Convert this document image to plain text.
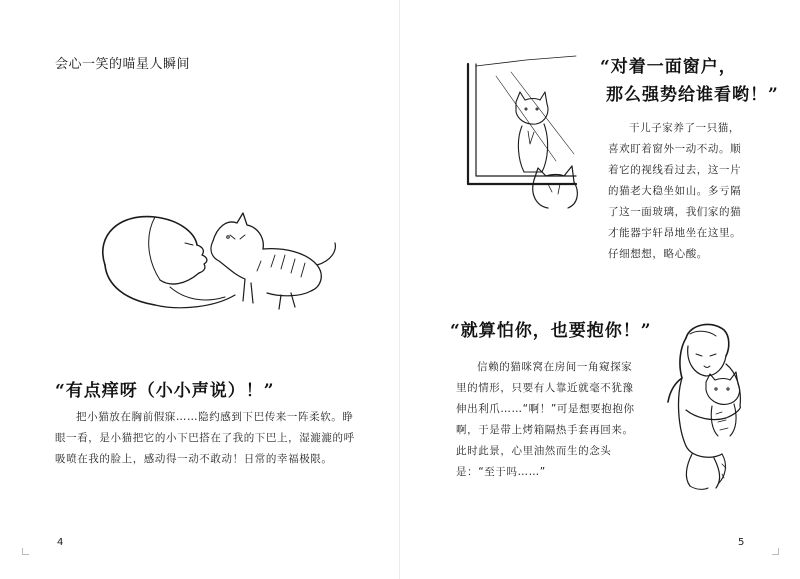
会心一笑的喵星人瞬间
“有点痒呀（小小声说）！”

把小猫放在胸前假寐……隐约感到下巴传来一阵柔软。睁眼一看，是小猫把它的小下巴搭在了我的下巴上，湿漉漉的呼吸喷在我的脸上，感动得一动不敢动！日常的幸福极限。

4
“对着一面窗户，
那么强势给谁看哟！”

干儿子家养了一只猫，喜欢盯着窗外一动不动。顺着它的视线看过去，这一片的猫老大稳坐如山。多亏隔了这一面玻璃，我们家的猫才能器宇轩昂地坐在这里。仔细想想，略心酸。

“就算怕你，也要抱你！”

信赖的猫咪窝在房间一角窥探家里的情形，只要有人靠近就毫不犹豫伸出利爪……“啊！”可是想要抱抱你啊，于是带上烤箱隔热手套再回来。此时此景，心里油然而生的念头是：“至于吗……”

5
